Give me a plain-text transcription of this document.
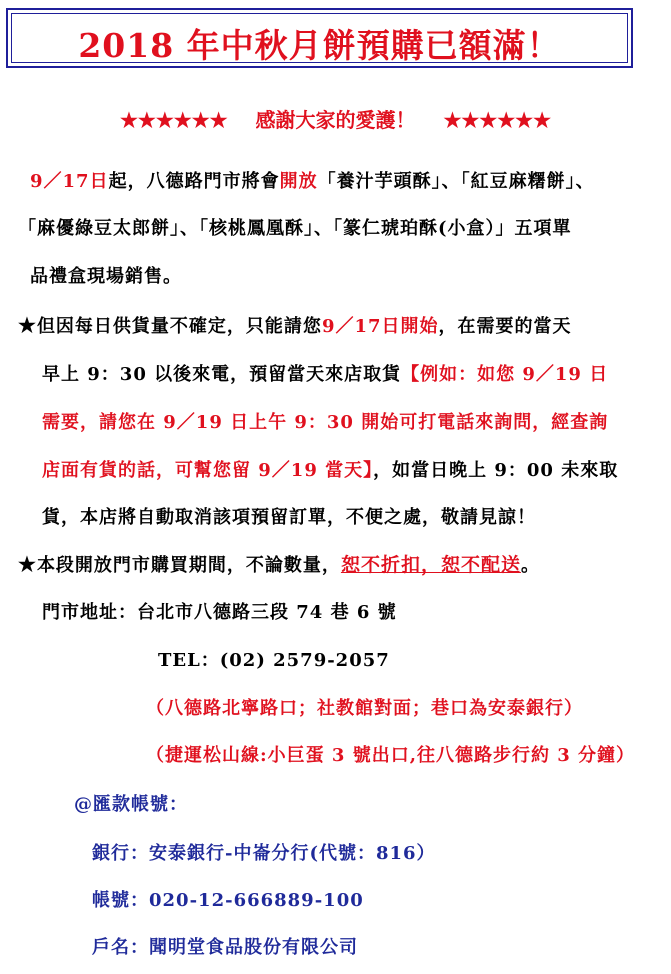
2018 年中秋月餅預購已額滿！
★★★★★★ 感謝大家的愛護！ ★★★★★★
9／17日起，八德路門市將會開放「養汁芋頭酥」、「紅豆麻糬餅」、
「麻優綠豆太郎餅」、「核桃鳳凰酥」、「篆仁琥珀酥(小盒）」五項單
品禮盒現場銷售。
★但因每日供貨量不確定，只能請您9／17日開始，在需要的當天
早上 9：30 以後來電，預留當天來店取貨【例如：如您 9／19 日
需要，請您在 9／19 日上午 9：30 開始可打電話來詢問，經查詢
店面有貨的話，可幫您留 9／19 當天】，如當日晚上 9：00 未來取
貨，本店將自動取消該項預留訂單，不便之處，敬請見諒！
★本段開放門市購買期間，不論數量，恕不折扣，恕不配送。
門市地址：台北市八德路三段 74 巷 6 號
TEL：(02) 2579-2057
（八德路北寧路口；社教館對面；巷口為安泰銀行）
（捷運松山線:小巨蛋 3 號出口,往八德路步行約 3 分鐘）
@匯款帳號：
銀行：安泰銀行-中崙分行(代號：816）
帳號：020-12-666889-100
戶名：聞明堂食品股份有限公司
